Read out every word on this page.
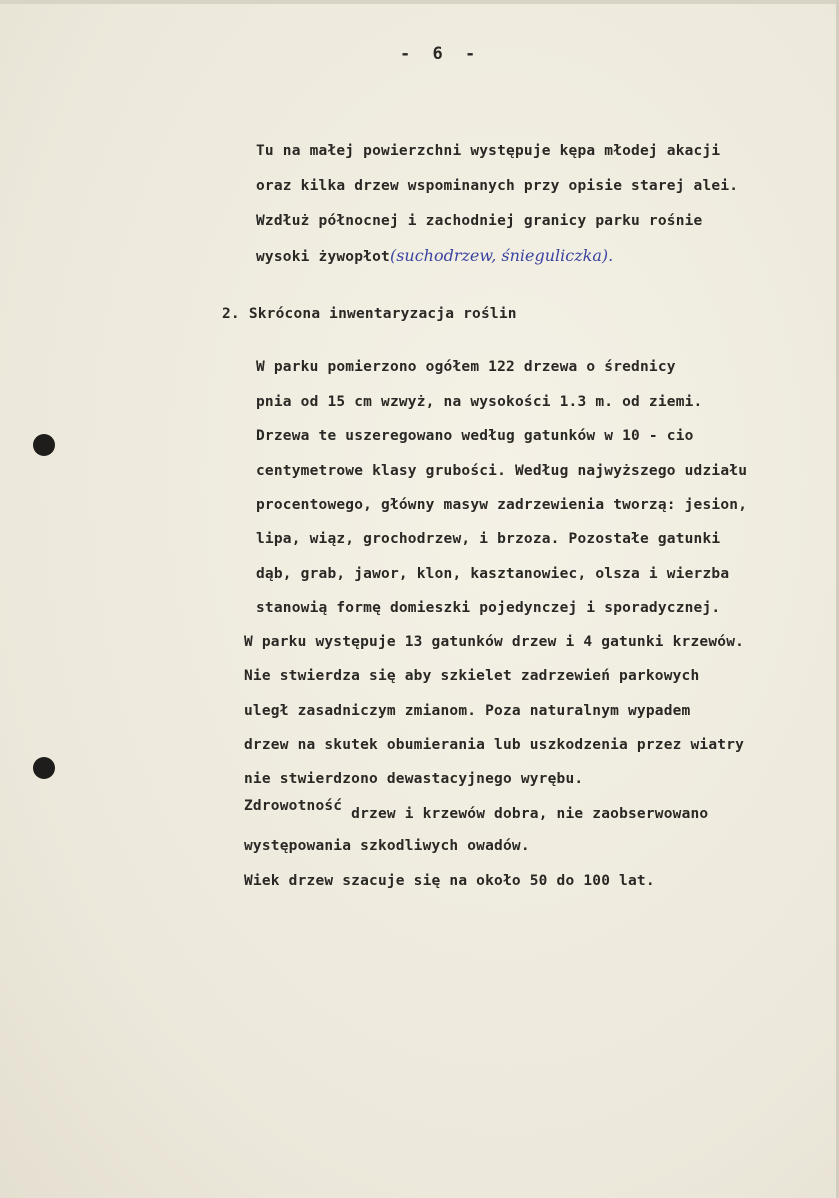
- 6 -
Tu na małej powierzchni występuje kępa młodej akacji
oraz kilka drzew wspominanych przy opisie starej alei.
Wzdłuż północnej i zachodniej granicy parku rośnie
wysoki żywopłot(suchodrzew, śnieguliczka).
2. Skrócona inwentaryzacja roślin
W parku pomierzono ogółem 122 drzewa o średnicy
pnia od 15 cm wzwyż, na wysokości 1.3 m. od ziemi.
Drzewa te uszeregowano według gatunków w 10 - cio
centymetrowe klasy grubości. Według najwyższego udziału
procentowego, główny masyw zadrzewienia tworzą: jesion,
lipa, wiąz, grochodrzew, i brzoza. Pozostałe gatunki
dąb, grab, jawor, klon, kasztanowiec, olsza i wierzba
stanowią formę domieszki pojedynczej i sporadycznej.
W parku występuje 13 gatunków drzew i 4 gatunki krzewów.
Nie stwierdza się aby szkielet zadrzewień parkowych
uległ zasadniczym zmianom. Poza naturalnym wypadem
drzew na skutek obumierania lub uszkodzenia przez wiatry
nie stwierdzono dewastacyjnego wyrębu.
Zdrowotność drzew i krzewów dobra, nie zaobserwowano
występowania szkodliwych owadów.
Wiek drzew szacuje się na około 50 do 100 lat.
